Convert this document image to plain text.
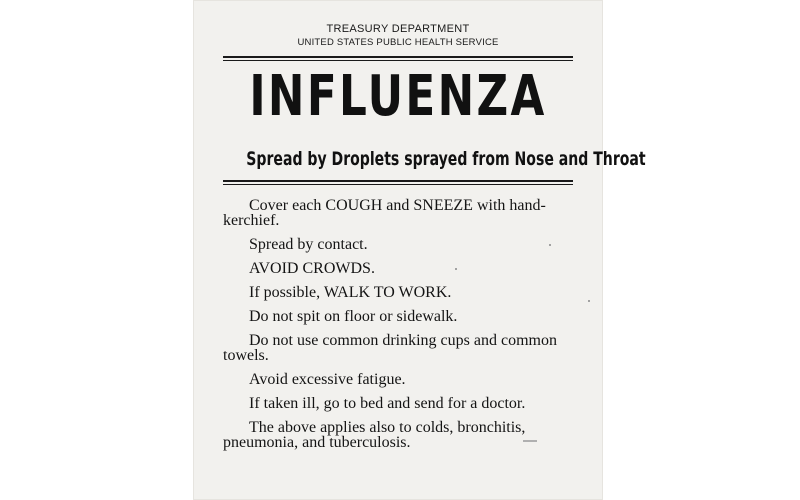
TREASURY DEPARTMENT
UNITED STATES PUBLIC HEALTH SERVICE
INFLUENZA
Spread by Droplets sprayed from Nose and Throat

Cover each COUGH and SNEEZE with hand-kerchief.

Spread by contact.

AVOID CROWDS.

If possible, WALK TO WORK.

Do not spit on floor or sidewalk.

Do not use common drinking cups and common towels.

Avoid excessive fatigue.

If taken ill, go to bed and send for a doctor.

The above applies also to colds, bronchitis, pneumonia, and tuberculosis.
